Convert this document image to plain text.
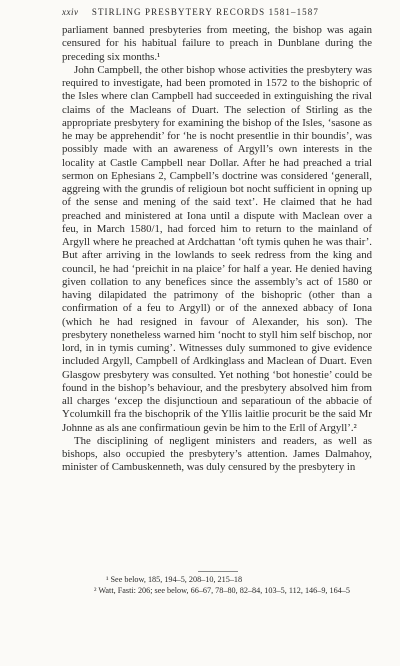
xxiv STIRLING PRESBYTERY RECORDS 1581–1587

parliament banned presbyteries from meeting, the bishop was again censured for his habitual failure to preach in Dunblane during the preceding six months.¹

John Campbell, the other bishop whose activities the presbytery was required to investigate, had been promoted in 1572 to the bishopric of the Isles where clan Campbell had succeeded in extinguishing the rival claims of the Macleans of Duart. The selection of Stirling as the appropriate presbytery for examining the bishop of the Isles, ‘sasone as he may be apprehendit’ for ‘he is nocht presentlie in thir boundis’, was possibly made with an awareness of Argyll’s own interests in the locality at Castle Campbell near Dollar. After he had preached a trial sermon on Ephesians 2, Campbell’s doctrine was considered ‘generall, aggreing with the grundis of religioun bot nocht sufficient in opning up of the sense and mening of the said text’. He claimed that he had preached and ministered at Iona until a dispute with Maclean over a feu, in March 1580/1, had forced him to return to the mainland of Argyll where he preached at Ardchattan ‘oft tymis quhen he was thair’. But after arriving in the lowlands to seek redress from the king and council, he had ‘preichit in na plaice’ for half a year. He denied having given collation to any benefices since the assembly’s act of 1580 or having dilapidated the patrimony of the bishopric (other than a confirmation of a feu to Argyll) or of the annexed abbacy of Iona (which he had resigned in favour of Alexander, his son). The presbytery nonetheless warned him ‘nocht to styll him self bischop, nor lord, in in tymis cuming’. Witnesses duly summoned to give evidence included Argyll, Campbell of Ardkinglass and Maclean of Duart. Even Glasgow presbytery was consulted. Yet nothing ‘bot honestie’ could be found in the bishop’s behaviour, and the presbytery absolved him from all charges ‘excep the disjunctioun and separatioun of the abbacie of Ycolumkill fra the bischoprik of the Yllis laitlie procurit be the said Mr Johnne as als ane confirmatioun gevin be him to the Erll of Argyll’.²

The disciplining of negligent ministers and readers, as well as bishops, also occupied the presbytery’s attention. James Dalmahoy, minister of Cambuskenneth, was duly censured by the presbytery in

¹ See below, 185, 194–5, 208–10, 215–18
² Watt, Fasti: 206; see below, 66–67, 78–80, 82–84, 103–5, 112, 146–9, 164–5
